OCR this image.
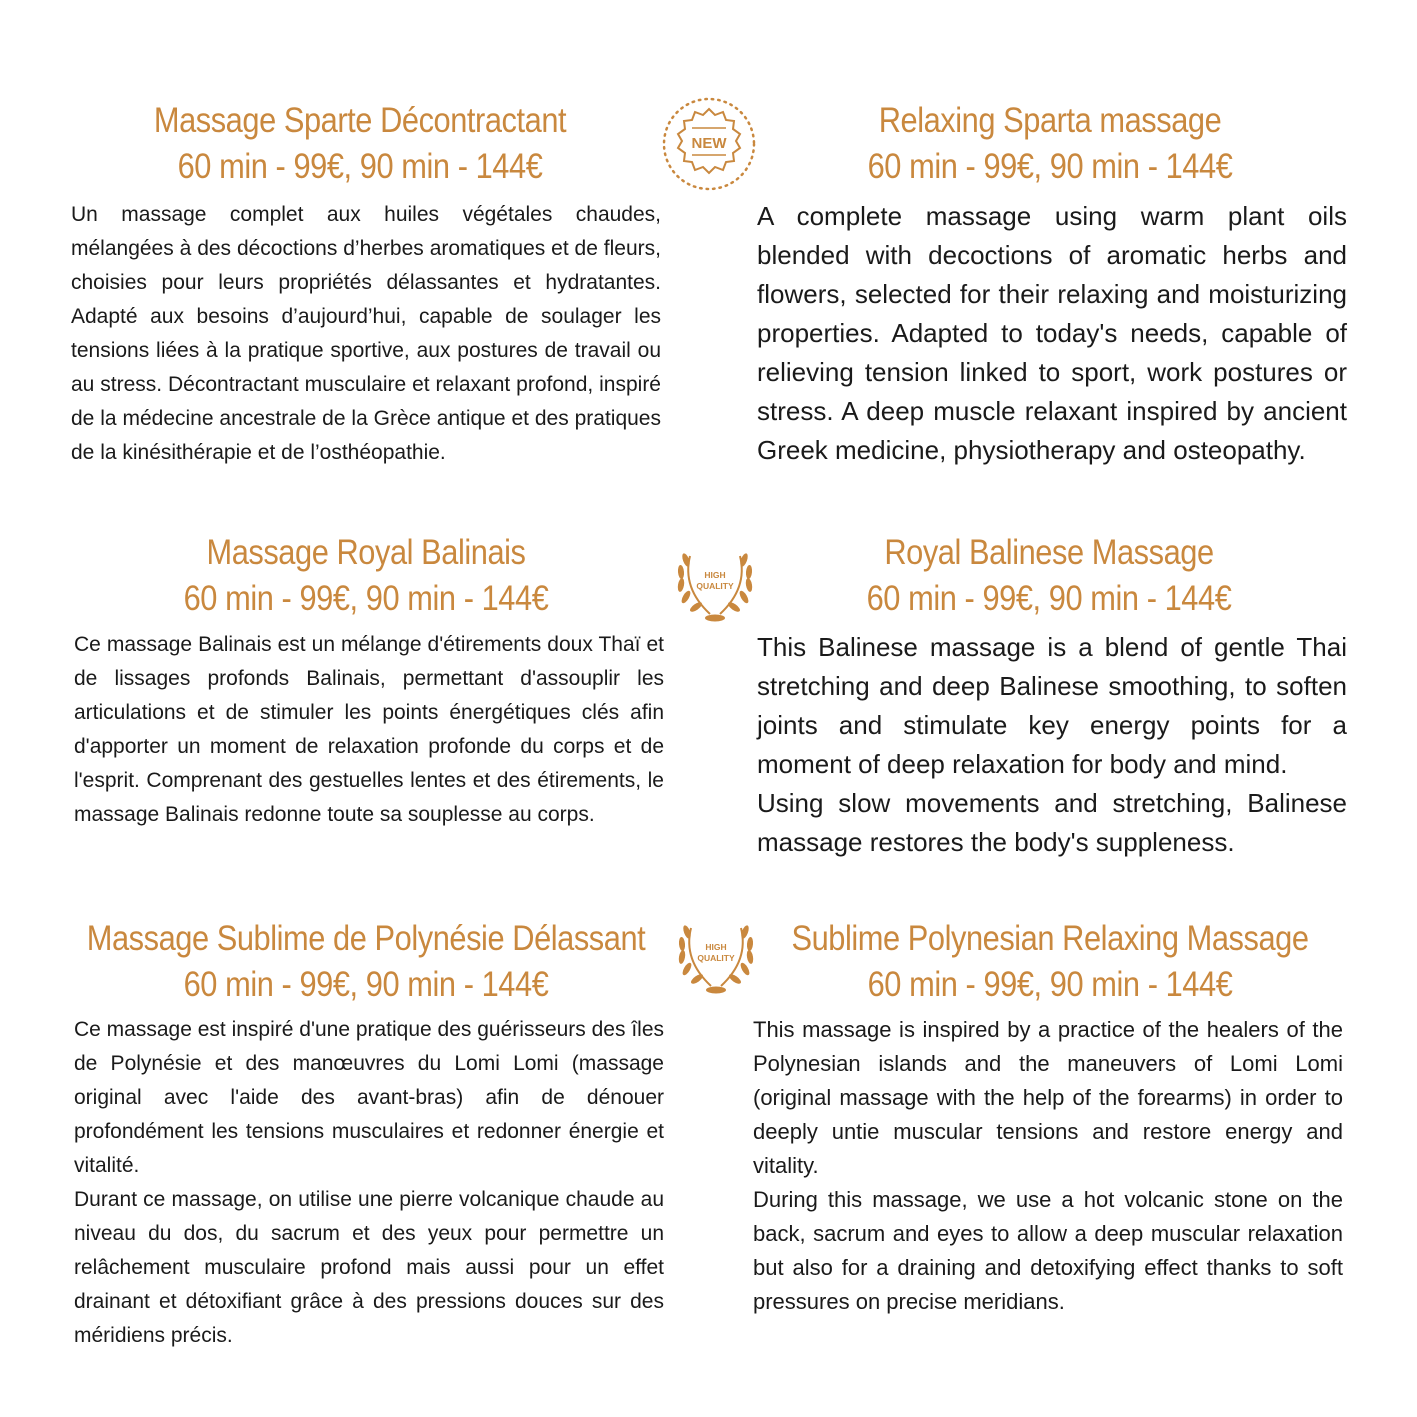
Massage Sparte Décontractant
60 min - 99€, 90 min - 144€

Un massage complet aux huiles végétales chaudes, mélangées à des décoctions d’herbes aromatiques et de fleurs, choisies pour leurs propriétés délassantes et hydratantes. Adapté aux besoins d’aujourd’hui, capable de soulager les tensions liées à la pratique sportive, aux postures de travail ou au stress. Décontractant musculaire et relaxant profond, inspiré de la médecine ancestrale de la Grèce antique et des pratiques de la kinésithérapie et de l’osthéopathie.

NEW
Relaxing Sparta massage
60 min - 99€, 90 min - 144€

A complete massage using warm plant oils blended with decoctions of aromatic herbs and flowers, selected for their relaxing and moisturizing properties. Adapted to today's needs, capable of relieving tension linked to sport, work postures or stress. A deep muscle relaxant inspired by ancient Greek medicine, physiotherapy and osteopathy.

Massage Royal Balinais
60 min - 99€, 90 min - 144€

Ce massage Balinais est un mélange d'étirements doux Thaï et de lissages profonds Balinais, permettant d'assouplir les articulations et de stimuler les points énergétiques clés afin d'apporter un moment de relaxation profonde du corps et de l'esprit. Comprenant des gestuelles lentes et des étirements, le massage Balinais redonne toute sa souplesse au corps.

HIGH
QUALITY
Royal Balinese Massage
60 min - 99€, 90 min - 144€

This Balinese massage is a blend of gentle Thai stretching and deep Balinese smoothing, to soften joints and stimulate key energy points for a moment of deep relaxation for body and mind.

Using slow movements and stretching, Balinese massage restores the body's suppleness.

Massage Sublime de Polynésie Délassant
60 min - 99€, 90 min - 144€

Ce massage est inspiré d'une pratique des guérisseurs des îles de Polynésie et des manœuvres du Lomi Lomi (massage original avec l'aide des avant-bras) afin de dénouer profondément les tensions musculaires et redonner énergie et vitalité.

Durant ce massage, on utilise une pierre volcanique chaude au niveau du dos, du sacrum et des yeux pour permettre un relâchement musculaire profond mais aussi pour un effet drainant et détoxifiant grâce à des pressions douces sur des méridiens précis.

HIGH
QUALITY	Sublime Polynesian Relaxing Massage
60 min - 99€, 90 min - 144€

This massage is inspired by a practice of the healers of the Polynesian islands and the maneuvers of Lomi Lomi (original massage with the help of the forearms) in order to deeply untie muscular tensions and restore energy and vitality.

During this massage, we use a hot volcanic stone on the back, sacrum and eyes to allow a deep muscular relaxation but also for a draining and detoxifying effect thanks to soft pressures on precise meridians.
